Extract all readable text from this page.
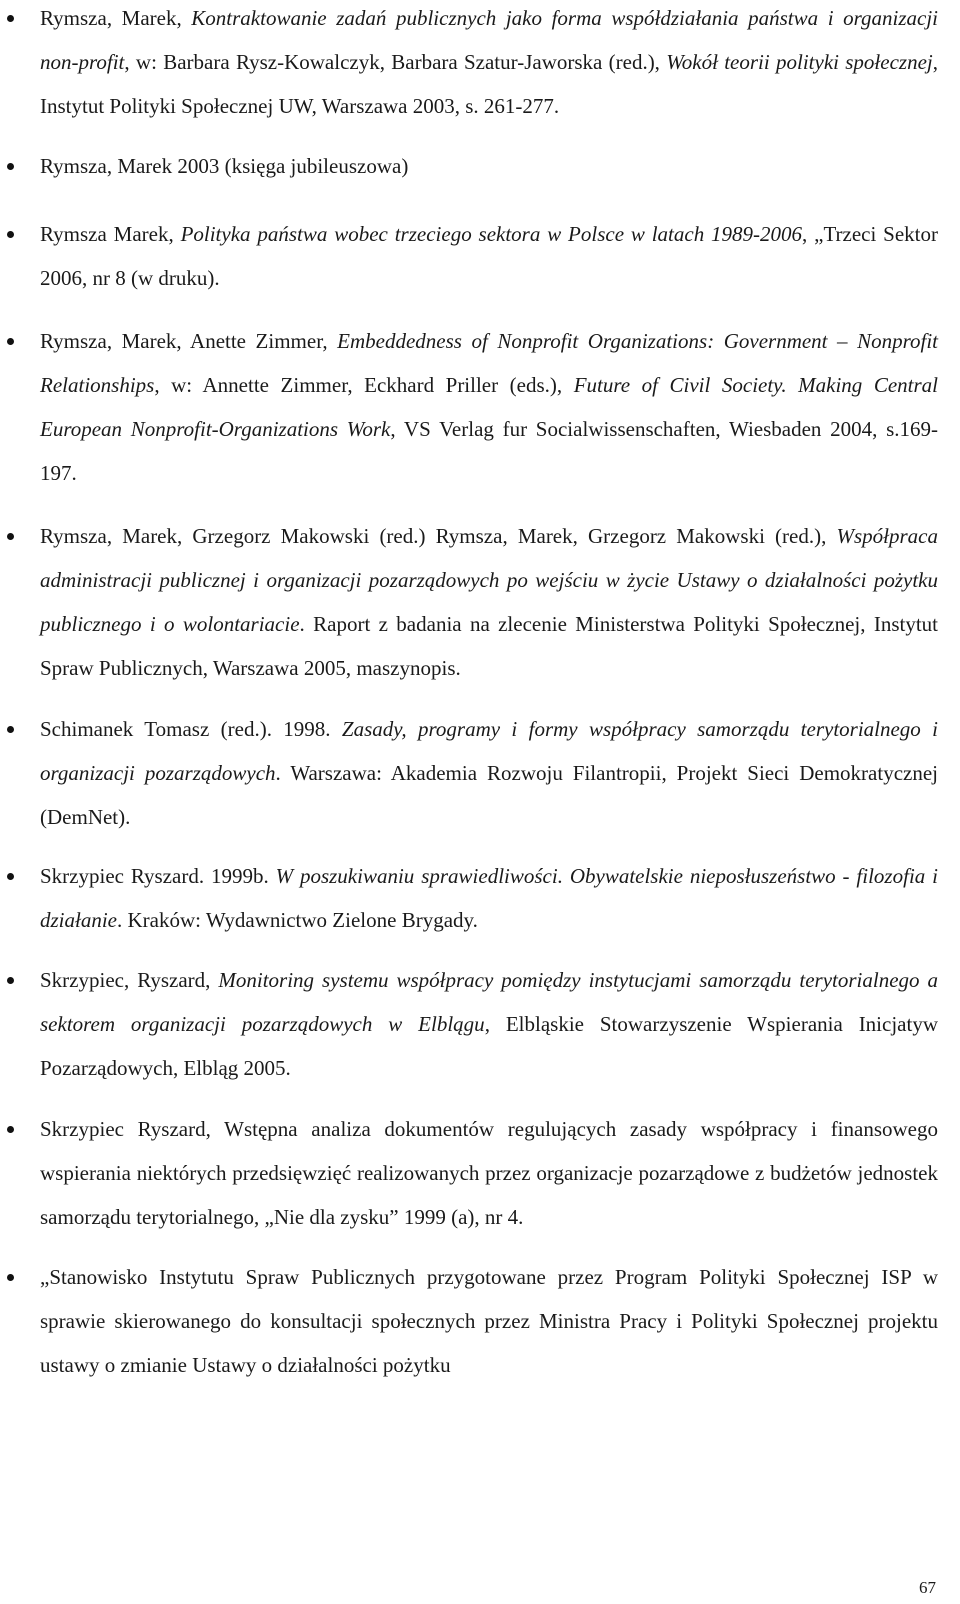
Rymsza, Marek, Kontraktowanie zadań publicznych jako forma współdziałania państwa i organizacji non-profit, w: Barbara Rysz-Kowalczyk, Barbara Szatur-Jaworska (red.), Wokół teorii polityki społecznej, Instytut Polityki Społecznej UW, Warszawa 2003, s. 261-277.
Rymsza, Marek 2003 (księga jubileuszowa)
Rymsza Marek, Polityka państwa wobec trzeciego sektora w Polsce w latach 1989-2006, „Trzeci Sektor 2006, nr 8 (w druku).
Rymsza, Marek, Anette Zimmer, Embeddedness of Nonprofit Organizations: Government – Nonprofit Relationships, w: Annette Zimmer, Eckhard Priller (eds.), Future of Civil Society. Making Central European Nonprofit-Organizations Work, VS Verlag fur Socialwissenschaften, Wiesbaden 2004, s.169-197.
Rymsza, Marek, Grzegorz Makowski (red.) Rymsza, Marek, Grzegorz Makowski (red.), Współpraca administracji publicznej i organizacji pozarządowych po wejściu w życie Ustawy o działalności pożytku publicznego i o wolontariacie. Raport z badania na zlecenie Ministerstwa Polityki Społecznej, Instytut Spraw Publicznych, Warszawa 2005, maszynopis.
Schimanek Tomasz (red.). 1998. Zasady, programy i formy współpracy samorządu terytorialnego i organizacji pozarządowych. Warszawa: Akademia Rozwoju Filantropii, Projekt Sieci Demokratycznej (DemNet).
Skrzypiec Ryszard. 1999b. W poszukiwaniu sprawiedliwości. Obywatelskie nieposłuszeństwo - filozofia i działanie. Kraków: Wydawnictwo Zielone Brygady.
Skrzypiec, Ryszard, Monitoring systemu współpracy pomiędzy instytucjami samorządu terytorialnego a sektorem organizacji pozarządowych w Elblągu, Elbląskie Stowarzyszenie Wspierania Inicjatyw Pozarządowych, Elbląg 2005.
Skrzypiec Ryszard, Wstępna analiza dokumentów regulujących zasady współpracy i finansowego wspierania niektórych przedsięwzięć realizowanych przez organizacje pozarządowe z budżetów jednostek samorządu terytorialnego, „Nie dla zysku” 1999 (a), nr 4.
„Stanowisko Instytutu Spraw Publicznych przygotowane przez Program Polityki Społecznej ISP w sprawie skierowanego do konsultacji społecznych przez Ministra Pracy i Polityki Społecznej projektu ustawy o zmianie Ustawy o działalności pożytku
67
